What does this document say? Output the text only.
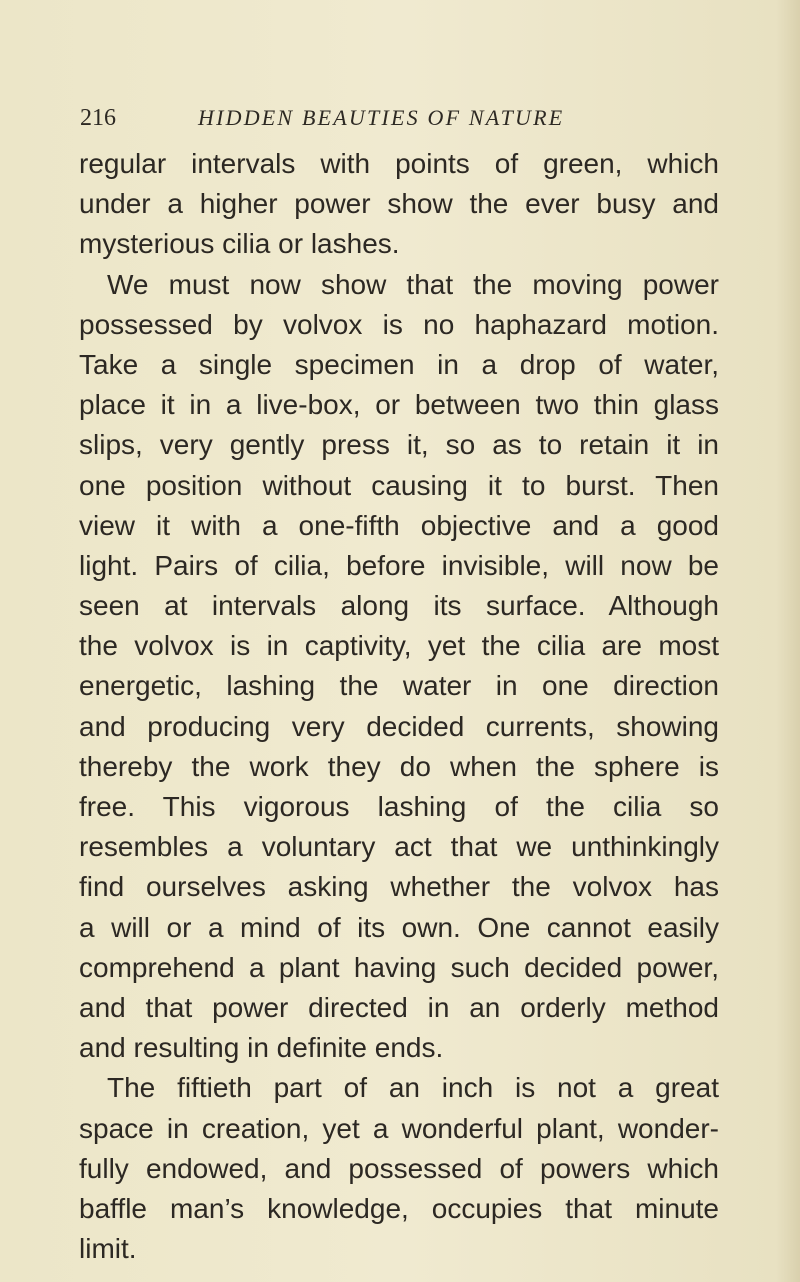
216	HIDDEN BEAUTIES OF NATURE
regular intervals with points of green, which
under a higher power show the ever busy and
mysterious cilia or lashes.
We must now show that the moving power
possessed by volvox is no haphazard motion.
Take a single specimen in a drop of water,
place it in a live-box, or between two thin glass
slips, very gently press it, so as to retain it in
one position without causing it to burst. Then
view it with a one-fifth objective and a good
light. Pairs of cilia, before invisible, will now be
seen at intervals along its surface. Although
the volvox is in captivity, yet the cilia are most
energetic, lashing the water in one direction
and producing very decided currents, showing
thereby the work they do when the sphere is
free. This vigorous lashing of the cilia so
resembles a voluntary act that we unthinkingly
find ourselves asking whether the volvox has
a will or a mind of its own. One cannot easily
comprehend a plant having such decided power,
and that power directed in an orderly method
and resulting in definite ends.
The fiftieth part of an inch is not a great
space in creation, yet a wonderful plant, wonder-
fully endowed, and possessed of powers which
baffle man’s knowledge, occupies that minute
limit.
